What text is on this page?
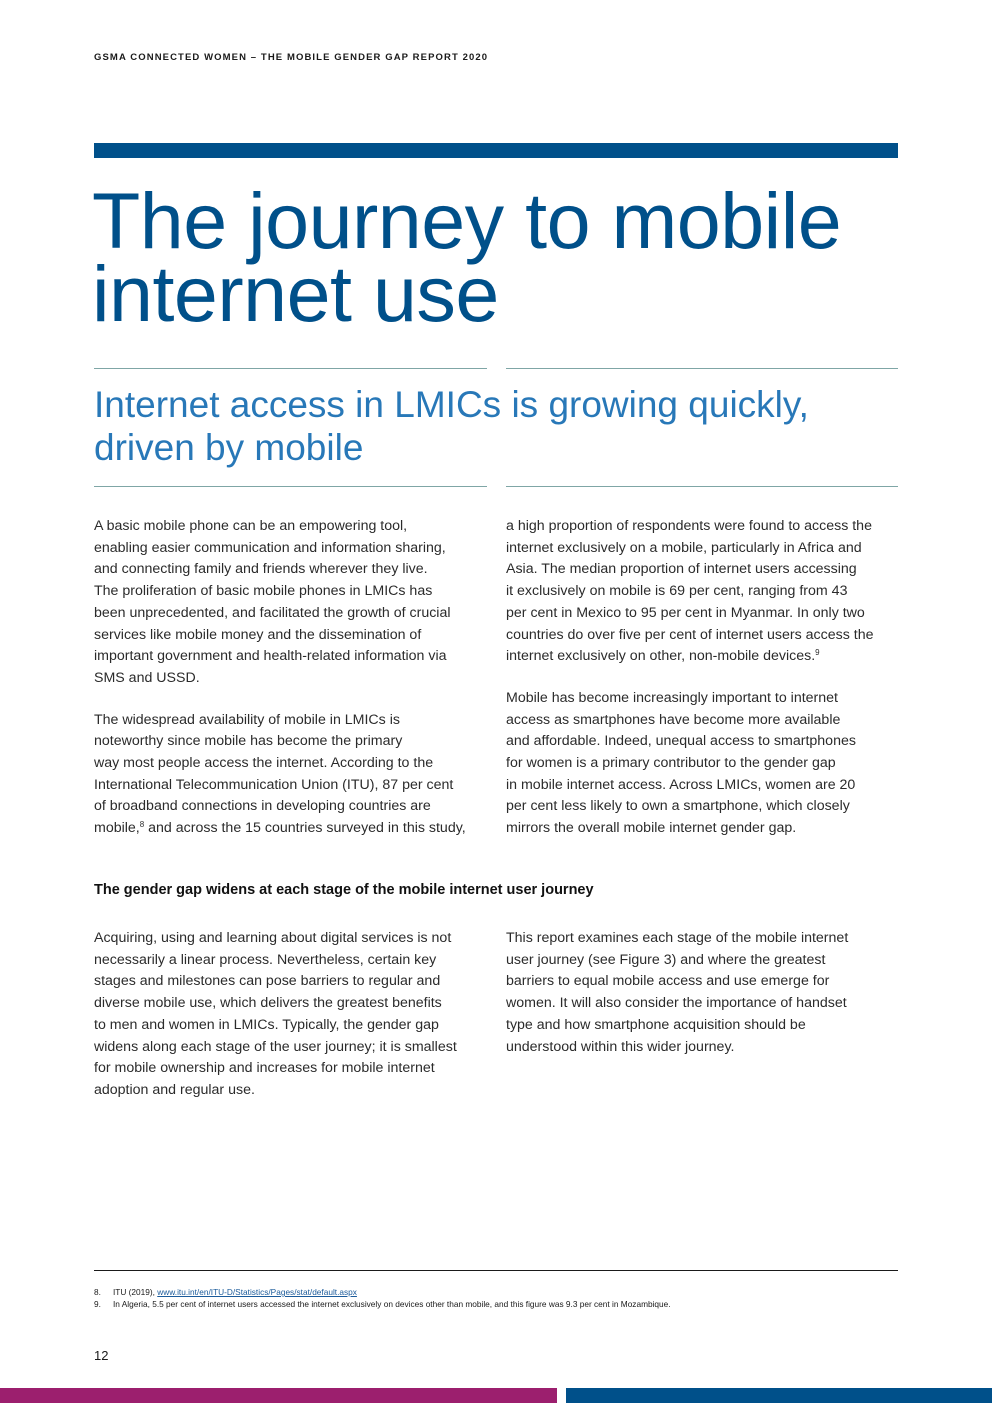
GSMA CONNECTED WOMEN – THE MOBILE GENDER GAP REPORT 2020
The journey to mobile
internet use
Internet access in LMICs is growing quickly,
driven by mobile

A basic mobile phone can be an empowering tool,
enabling easier communication and information sharing,
and connecting family and friends wherever they live.
The proliferation of basic mobile phones in LMICs has
been unprecedented, and facilitated the growth of crucial
services like mobile money and the dissemination of
important government and health-related information via
SMS and USSD.

The widespread availability of mobile in LMICs is
noteworthy since mobile has become the primary
way most people access the internet. According to the
International Telecommunication Union (ITU), 87 per cent
of broadband connections in developing countries are
mobile,$^8$ and across the 15 countries surveyed in this study,

a high proportion of respondents were found to access the
internet exclusively on a mobile, particularly in Africa and
Asia. The median proportion of internet users accessing
it exclusively on mobile is 69 per cent, ranging from 43
per cent in Mexico to 95 per cent in Myanmar. In only two
countries do over five per cent of internet users access the
internet exclusively on other, non-mobile devices.$^9$

Mobile has become increasingly important to internet
access as smartphones have become more available
and affordable. Indeed, unequal access to smartphones
for women is a primary contributor to the gender gap
in mobile internet access. Across LMICs, women are 20
per cent less likely to own a smartphone, which closely
mirrors the overall mobile internet gender gap.

The gender gap widens at each stage of the mobile internet user journey

Acquiring, using and learning about digital services is not
necessarily a linear process. Nevertheless, certain key
stages and milestones can pose barriers to regular and
diverse mobile use, which delivers the greatest benefits
to men and women in LMICs. Typically, the gender gap
widens along each stage of the user journey; it is smallest
for mobile ownership and increases for mobile internet
adoption and regular use.

This report examines each stage of the mobile internet
user journey (see Figure 3) and where the greatest
barriers to equal mobile access and use emerge for
women. It will also consider the importance of handset
type and how smartphone acquisition should be
understood within this wider journey.

8. ITU (2019), www.itu.int/en/ITU-D/Statistics/Pages/stat/default.aspx
9. In Algeria, 5.5 per cent of internet users accessed the internet exclusively on devices other than mobile, and this figure was 9.3 per cent in Mozambique.
12
